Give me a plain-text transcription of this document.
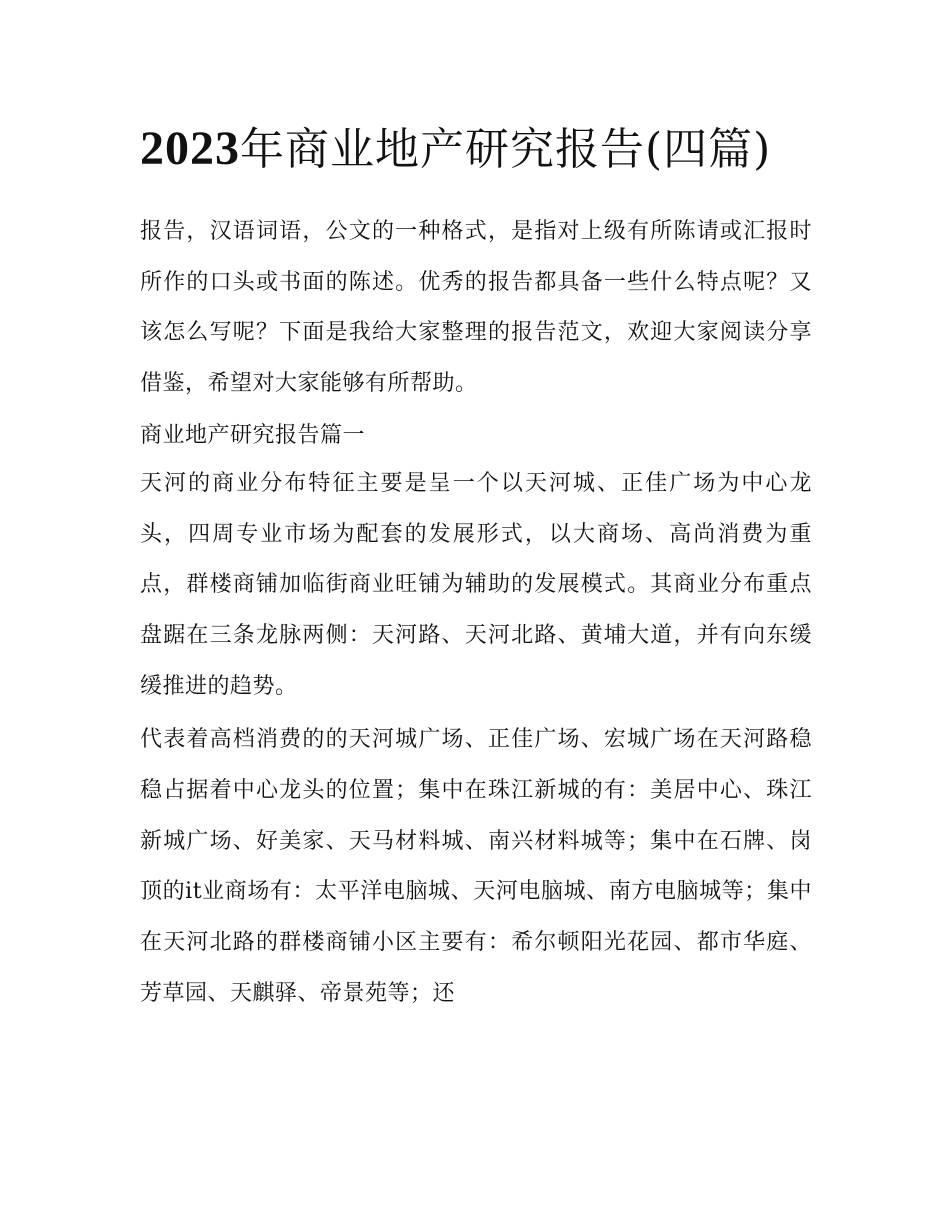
2023年商业地产研究报告(四篇)

报告，汉语词语，公文的一种格式，是指对上级有所陈请或汇报时所作的口头或书面的陈述。优秀的报告都具备一些什么特点呢？又该怎么写呢？下面是我给大家整理的报告范文，欢迎大家阅读分享借鉴，希望对大家能够有所帮助。

商业地产研究报告篇一

天河的商业分布特征主要是呈一个以天河城、正佳广场为中心龙头，四周专业市场为配套的发展形式，以大商场、高尚消费为重点，群楼商铺加临街商业旺铺为辅助的发展模式。其商业分布重点盘踞在三条龙脉两侧：天河路、天河北路、黄埔大道，并有向东缓缓推进的趋势。

代表着高档消费的的天河城广场、正佳广场、宏城广场在天河路稳稳占据着中心龙头的位置；集中在珠江新城的有：美居中心、珠江新城广场、好美家、天马材料城、南兴材料城等；集中在石牌、岗顶的it业商场有：太平洋电脑城、天河电脑城、南方电脑城等；集中在天河北路的群楼商铺小区主要有：希尔顿阳光花园、都市华庭、芳草园、天麒驿、帝景苑等；还
